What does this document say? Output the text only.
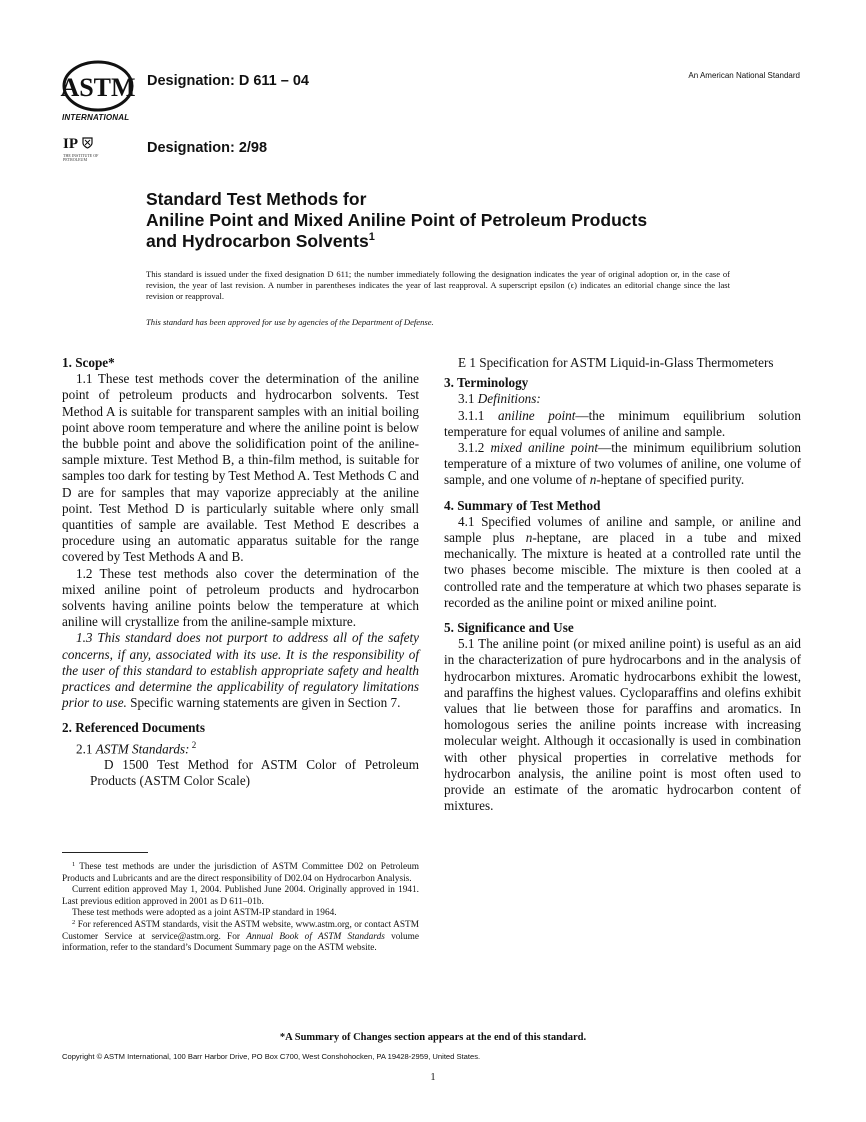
ASTM
INTERNATIONAL
IP
THE INSTITUTE OF PETROLEUM
Designation: D 611 – 04
Designation: 2/98
An American National Standard
Standard Test Methods for
Aniline Point and Mixed Aniline Point of Petroleum Products
and Hydrocarbon Solvents$^1$
This standard is issued under the fixed designation D 611; the number immediately following the designation indicates the year of original adoption or, in the case of revision, the year of last revision. A number in parentheses indicates the year of last reapproval. A superscript epsilon (ϵ) indicates an editorial change since the last revision or reapproval.
This standard has been approved for use by agencies of the Department of Defense.
1. Scope*

1.1 These test methods cover the determination of the aniline point of petroleum products and hydrocarbon solvents. Test Method A is suitable for transparent samples with an initial boiling point above room temperature and where the aniline point is below the bubble point and above the solidification point of the aniline-sample mixture. Test Method B, a thin-film method, is suitable for samples too dark for testing by Test Method A. Test Methods C and D are for samples that may vaporize appreciably at the aniline point. Test Method D is particularly suitable where only small quantities of sample are available. Test Method E describes a procedure using an automatic apparatus suitable for the range covered by Test Methods A and B.

1.2 These test methods also cover the determination of the mixed aniline point of petroleum products and hydrocarbon solvents having aniline points below the temperature at which aniline will crystallize from the aniline-sample mixture.

1.3 This standard does not purport to address all of the safety concerns, if any, associated with its use. It is the responsibility of the user of this standard to establish appropriate safety and health practices and determine the applicability of regulatory limitations prior to use. Specific warning statements are given in Section 7.

2. Referenced Documents

2.1 ASTM Standards: $^2$

D 1500 Test Method for ASTM Color of Petroleum Products (ASTM Color Scale)

$^1$ These test methods are under the jurisdiction of ASTM Committee D02 on Petroleum Products and Lubricants and are the direct responsibility of D02.04 on Hydrocarbon Analysis.

Current edition approved May 1, 2004. Published June 2004. Originally approved in 1941. Last previous edition approved in 2001 as D 611–01b.

These test methods were adopted as a joint ASTM-IP standard in 1964.

$^2$ For referenced ASTM standards, visit the ASTM website, www.astm.org, or contact ASTM Customer Service at service@astm.org. For Annual Book of ASTM Standards volume information, refer to the standard’s Document Summary page on the ASTM website.

E 1 Specification for ASTM Liquid-in-Glass Thermometers

3. Terminology

3.1 Definitions:

3.1.1 aniline point—the minimum equilibrium solution temperature for equal volumes of aniline and sample.

3.1.2 mixed aniline point—the minimum equilibrium solution temperature of a mixture of two volumes of aniline, one volume of sample, and one volume of n-heptane of specified purity.

4. Summary of Test Method

4.1 Specified volumes of aniline and sample, or aniline and sample plus n-heptane, are placed in a tube and mixed mechanically. The mixture is heated at a controlled rate until the two phases become miscible. The mixture is then cooled at a controlled rate and the temperature at which two phases separate is recorded as the aniline point or mixed aniline point.

5. Significance and Use

5.1 The aniline point (or mixed aniline point) is useful as an aid in the characterization of pure hydrocarbons and in the analysis of hydrocarbon mixtures. Aromatic hydrocarbons exhibit the lowest, and paraffins the highest values. Cycloparaffins and olefins exhibit values that lie between those for paraffins and aromatics. In homologous series the aniline points increase with increasing molecular weight. Although it occasionally is used in combination with other physical properties in correlative methods for hydrocarbon analysis, the aniline point is most often used to provide an estimate of the aromatic hydrocarbon content of mixtures.

*A Summary of Changes section appears at the end of this standard.
Copyright © ASTM International, 100 Barr Harbor Drive, PO Box C700, West Conshohocken, PA 19428-2959, United States.
1
